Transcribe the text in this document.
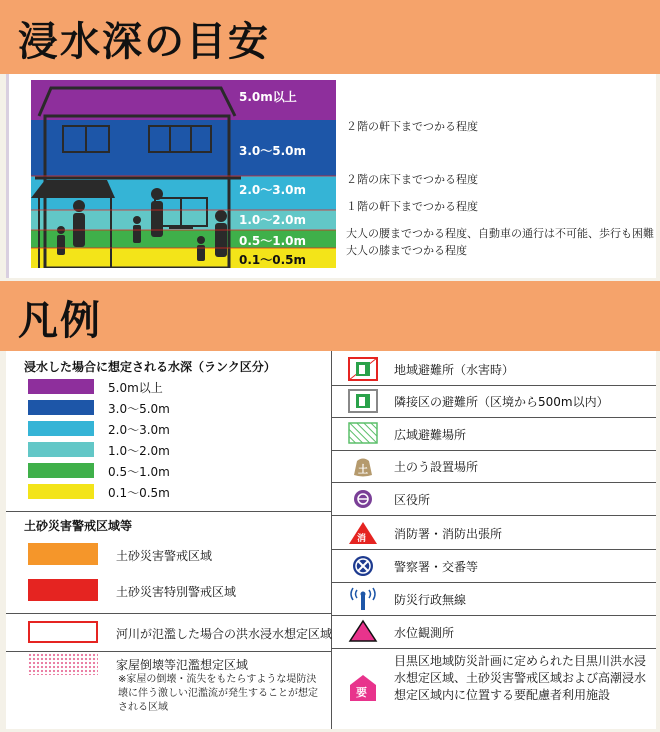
浸水深の目安
２階の軒下までつかる程度
２階の床下までつかる程度
１階の軒下までつかる程度
大人の腰までつかる程度、自動車の通行は不可能、歩行も困難
大人の膝までつかる程度
5.0m以上
3.0〜5.0m
2.0〜3.0m
1.0〜2.0m
0.5〜1.0m
0.1〜0.5m
凡例
浸水した場合に想定される水深（ランク区分）
土砂災害警戒区域等
土砂災害警戒区域
土砂災害特別警戒区域
河川が氾濫した場合の洪水浸水想定区域
家屋倒壊等氾濫想定区域
※家屋の倒壊・流失をもたらすような堤防決壊に伴う激しい氾濫流が発生することが想定される区域
5.0m以上
3.0〜5.0m
2.0〜3.0m
1.0〜2.0m
0.5〜1.0m
0.1〜0.5m
地域避難所（水害時）
隣接区の避難所（区境から500m以内）
広域避難場所
土 土のう設置場所
区役所
消 消防署・消防出張所
警察署・交番等
防災行政無線
水位観測所
要
目黒区地域防災計画に定められた目黒川洪水浸水想定区域、土砂災害警戒区域および高潮浸水想定区域内に位置する要配慮者利用施設
